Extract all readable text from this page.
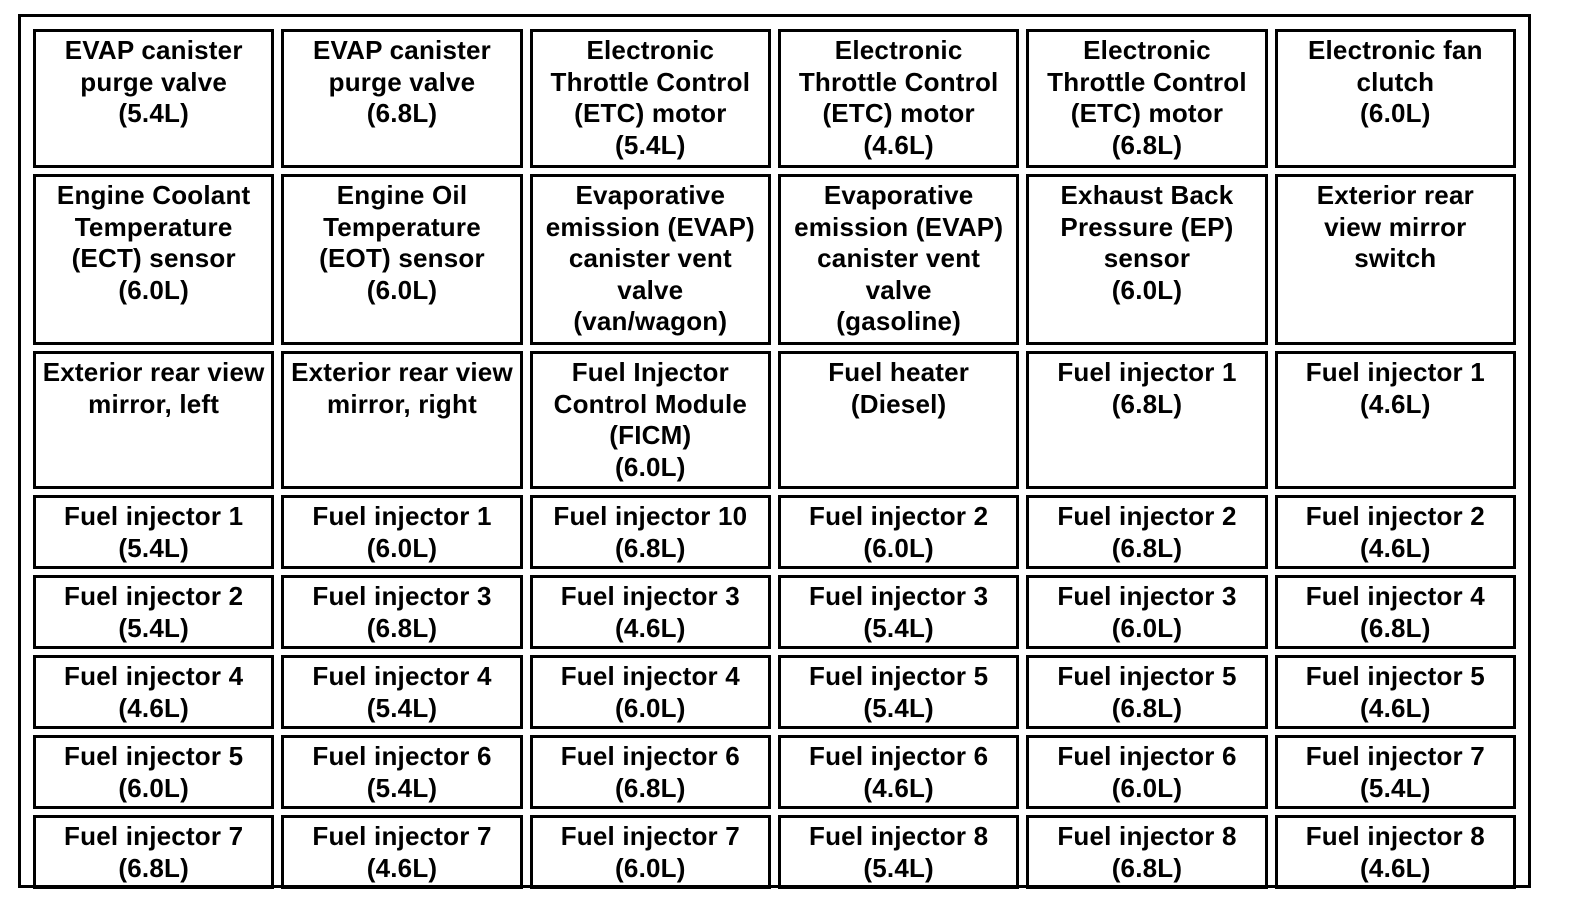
EVAP canister
purge valve
(5.4L)	EVAP canister
purge valve
(6.8L)	Electronic
Throttle Control
(ETC) motor
(5.4L)	Electronic
Throttle Control
(ETC) motor
(4.6L)	Electronic
Throttle Control
(ETC) motor
(6.8L)	Electronic fan
clutch
(6.0L)
Engine Coolant
Temperature
(ECT) sensor
(6.0L)	Engine Oil
Temperature
(EOT) sensor
(6.0L)	Evaporative
emission (EVAP)
canister vent
valve
(van/wagon)	Evaporative
emission (EVAP)
canister vent
valve
(gasoline)	Exhaust Back
Pressure (EP)
sensor
(6.0L)	Exterior rear
view mirror
switch
Exterior rear view
mirror, left	Exterior rear view
mirror, right	Fuel Injector
Control Module
(FICM)
(6.0L)	Fuel heater
(Diesel)	Fuel injector 1
(6.8L)	Fuel injector 1
(4.6L)
Fuel injector 1
(5.4L)	Fuel injector 1
(6.0L)	Fuel injector 10
(6.8L)	Fuel injector 2
(6.0L)	Fuel injector 2
(6.8L)	Fuel injector 2
(4.6L)
Fuel injector 2
(5.4L)	Fuel injector 3
(6.8L)	Fuel injector 3
(4.6L)	Fuel injector 3
(5.4L)	Fuel injector 3
(6.0L)	Fuel injector 4
(6.8L)
Fuel injector 4
(4.6L)	Fuel injector 4
(5.4L)	Fuel injector 4
(6.0L)	Fuel injector 5
(5.4L)	Fuel injector 5
(6.8L)	Fuel injector 5
(4.6L)
Fuel injector 5
(6.0L)	Fuel injector 6
(5.4L)	Fuel injector 6
(6.8L)	Fuel injector 6
(4.6L)	Fuel injector 6
(6.0L)	Fuel injector 7
(5.4L)
Fuel injector 7
(6.8L)	Fuel injector 7
(4.6L)	Fuel injector 7
(6.0L)	Fuel injector 8
(5.4L)	Fuel injector 8
(6.8L)	Fuel injector 8
(4.6L)
